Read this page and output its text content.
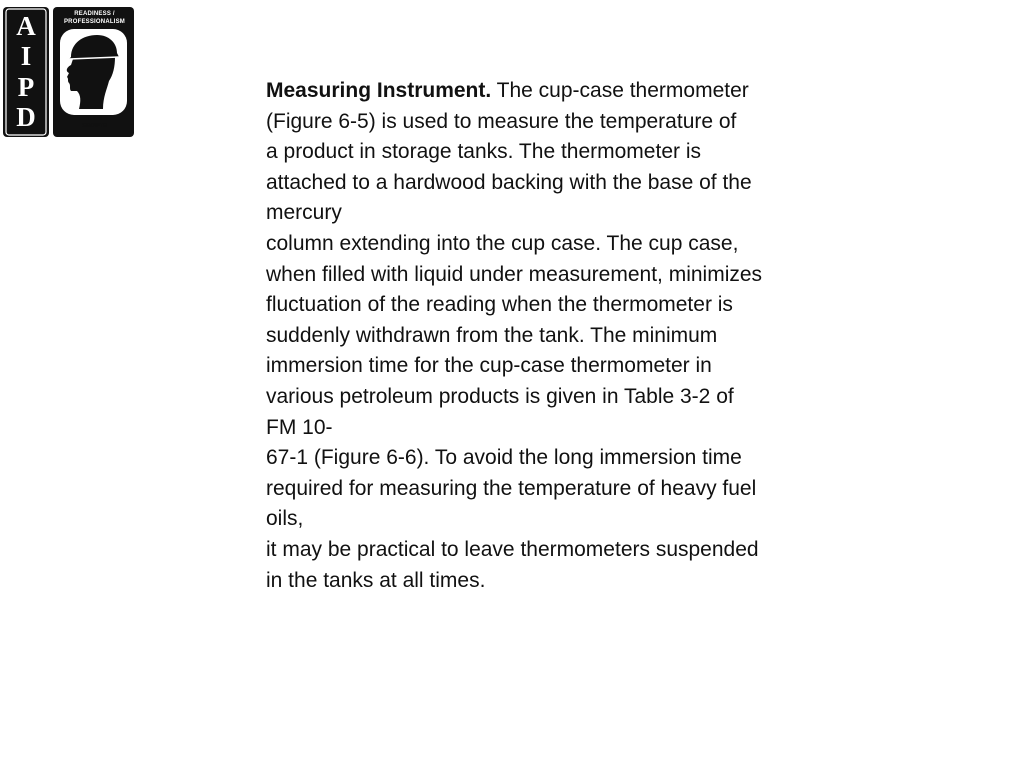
A
I
P
D
READINESS /
PROFESSIONALISM
THRU
GROWTH

Measuring Instrument. The cup-case thermometer (Figure 6-5) is used to measure the temperature of
a product in storage tanks. The thermometer is attached to a hardwood backing with the base of the mercury
column extending into the cup case. The cup case, when filled with liquid under measurement, minimizes
fluctuation of the reading when the thermometer is suddenly withdrawn from the tank. The minimum
immersion time for the cup-case thermometer in various petroleum products is given in Table 3-2 of FM 10-
67-1 (Figure 6-6). To avoid the long immersion time required for measuring the temperature of heavy fuel oils,
it may be practical to leave thermometers suspended in the tanks at all times.
